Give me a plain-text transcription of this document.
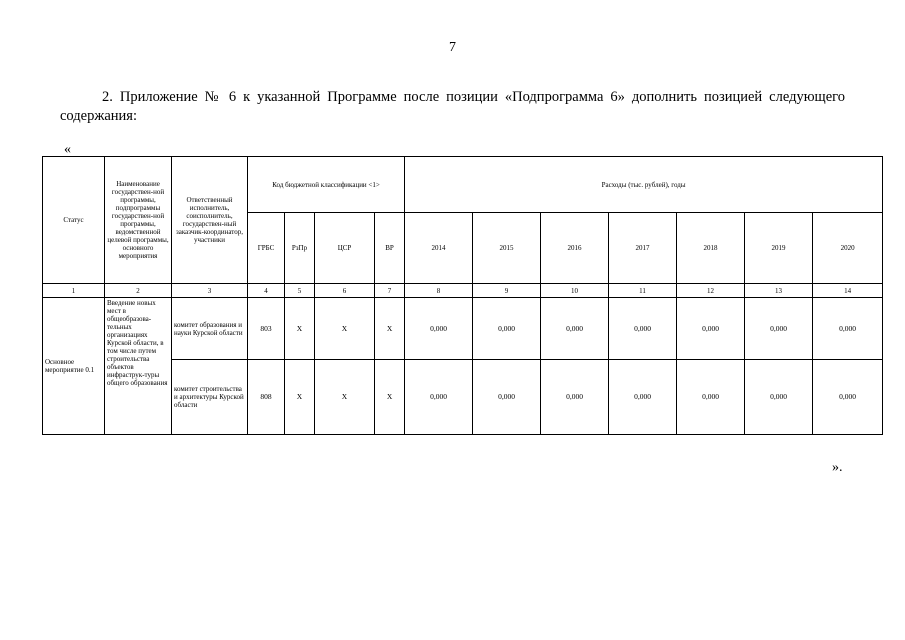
7
2. Приложение № 6 к указанной Программе после позиции «Подпрограмма 6» дополнить позицией следующего содержания:
«
Статус	Наименование государствен-ной программы, подпрограммы государствен-ной программы, ведомственной целевой программы, основного мероприятия	Ответственный исполнитель, соисполнитель, государствен-ный заказчик-координатор, участники	Код бюджетной классификации <1>				Расходы (тыс. рублей), годы						
			ГРБС	РзПр	ЦСР	ВР	2014	2015	2016	2017	2018	2019	2020
1	2	3	4	5	6	7	8	9	10	11	12	13	14
Основное мероприятие 0.1	Введение новых мест в общеобразова-тельных организациях Курской области, в том числе путем строительства объектов инфраструк-туры общего образования	комитет образования и науки Курской области	803	Х	Х	Х	0,000	0,000	0,000	0,000	0,000	0,000	0,000
		комитет строительства и архитектуры Курской области	808	Х	Х	Х	0,000	0,000	0,000	0,000	0,000	0,000	0,000
».
